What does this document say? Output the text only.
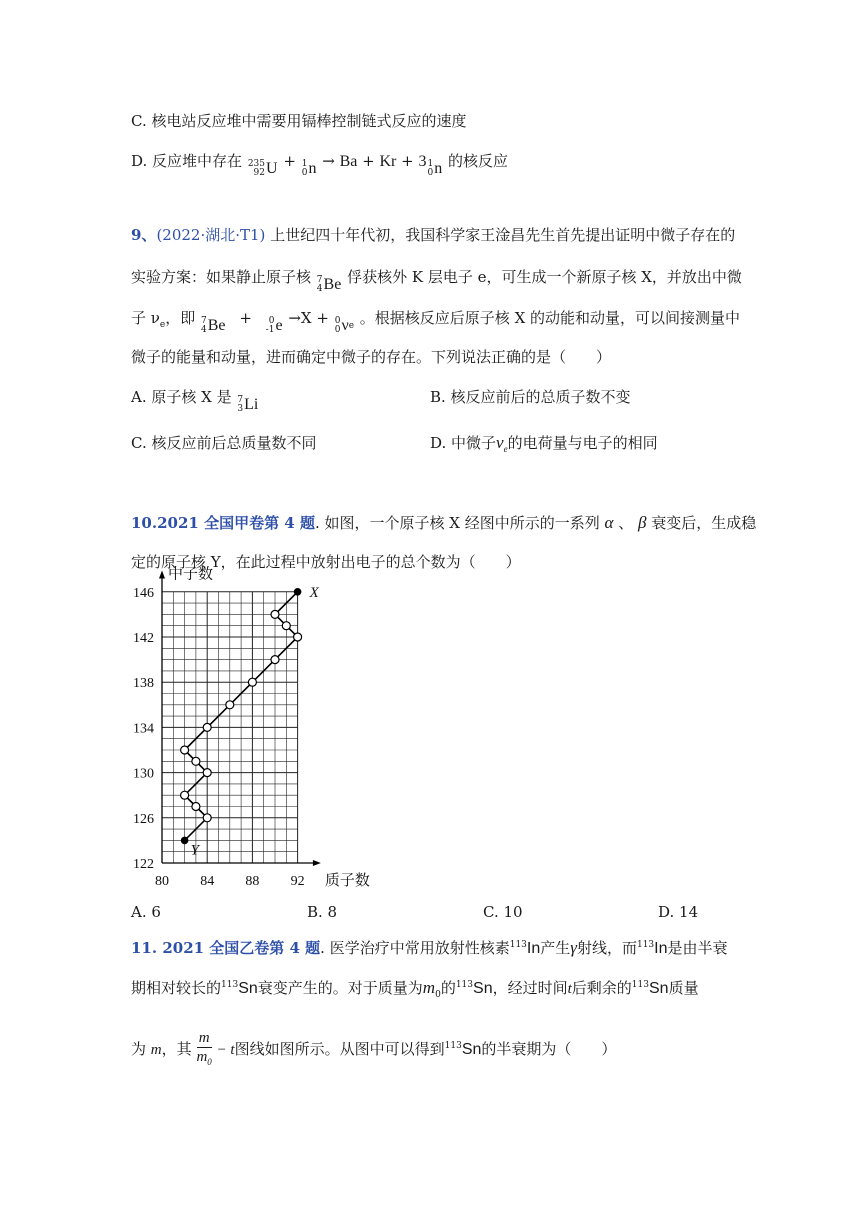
C. 核电站反应堆中需要用镉棒控制链式反应的速度
D. 反应堆中存在 235
92 U + 1
0 n → Ba + Kr + 3 1
0 n 的核反应
9、(2022·湖北·T1) 上世纪四十年代初，我国科学家王淦昌先生首先提出证明中微子存在的
实验方案：如果静止原子核 7
4 Be 俘获核外 K 层电子 e，可生成一个新原子核 X，并放出中微
子 $\nu_e$，即 7
4 Be +	0
-1 e →X + 0
0 ν e 。根据核反应后原子核 X 的动能和动量，可以间接测量中
微子的能量和动量，进而确定中微子的存在。下列说法正确的是（　　）
A. 原子核 X 是 7
3 Li	B. 核反应前后的总质子数不变
C. 核反应前后总质量数不同	D. 中微子$\nu_e$的电荷量与电子的相同
10.2021 全国甲卷第 4 题. 如图，一个原子核 X 经图中所示的一系列 α 、 β 衰变后，生成稳
定的原子核 Y，在此过程中放射出电子的总个数为（　　）
80 84 88 92
122
126
130
134
138
142
146
质子数
中子数
X
Y
A. 6	B. 8	C. 10	D. 14
11. 2021 全国乙卷第 4 题. 医学治疗中常用放射性核素$^{113}$In产生γ射线，而$^{113}$In是由半衰
期相对较长的$^{113}$Sn衰变产生的。对于质量为$m_0$的$^{113}$Sn，经过时间t后剩余的$^{113}$Sn质量
为 m，其 $\frac{m}{m_0} - t$图线如图所示。从图中可以得到$^{113}$Sn的半衰期为（　　）
